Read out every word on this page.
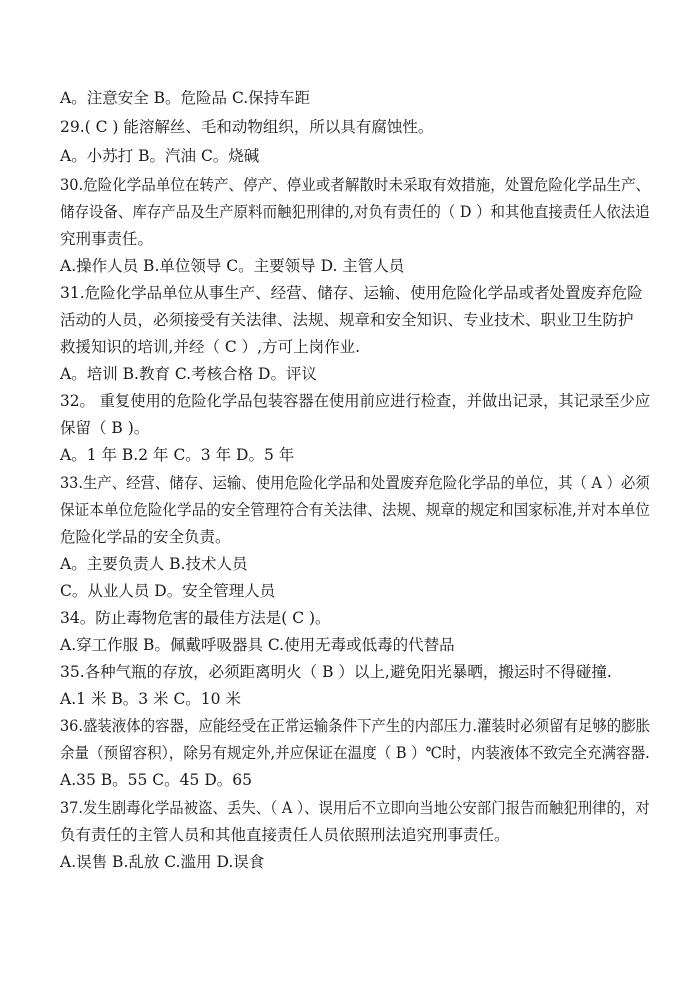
A。注意安全 B。危险品 C.保持车距
29.( C ) 能溶解丝、毛和动物组织，所以具有腐蚀性。
A。小苏打 B。汽油 C。烧碱
30.危险化学品单位在转产、停产、停业或者解散时未采取有效措施，处置危险化学品生产、
储存设备、库存产品及生产原料而触犯刑律的,对负有责任的（ D ）和其他直接责任人依法追
究刑事责任。
A.操作人员 B.单位领导 C。主要领导 D. 主管人员
31.危险化学品单位从事生产、经营、储存、运输、使用危险化学品或者处置废弃危险
活动的人员，必须接受有关法律、法规、规章和安全知识、专业技术、职业卫生防护
救援知识的培训,并经（ C ）,方可上岗作业.
A。培训 B.教育 C.考核合格 D。评议
32。 重复使用的危险化学品包装容器在使用前应进行检查，并做出记录，其记录至少应
保留（ B )。
A。1 年 B.2 年 C。3 年 D。5 年
33.生产、经营、储存、运输、使用危险化学品和处置废弃危险化学品的单位，其（ A ）必须
保证本单位危险化学品的安全管理符合有关法律、法规、规章的规定和国家标准,并对本单位
危险化学品的安全负责。
A。主要负责人 B.技术人员
C。从业人员 D。安全管理人员
34。防止毒物危害的最佳方法是( C )。
A.穿工作服 B。佩戴呼吸器具 C.使用无毒或低毒的代替品
35.各种气瓶的存放，必须距离明火（ B ）以上,避免阳光暴晒，搬运时不得碰撞.
A.1 米 B。3 米 C。10 米
36.盛装液体的容器，应能经受在正常运输条件下产生的内部压力.灌装时必须留有足够的膨胀
余量（预留容积），除另有规定外,并应保证在温度（ B ）℃时，内装液体不致完全充满容器.
A.35 B。55 C。45 D。65
37.发生剧毒化学品被盗、丢失、（ A ）、误用后不立即向当地公安部门报告而触犯刑律的，对
负有责任的主管人员和其他直接责任人员依照刑法追究刑事责任。
A.误售 B.乱放 C.滥用 D.误食
